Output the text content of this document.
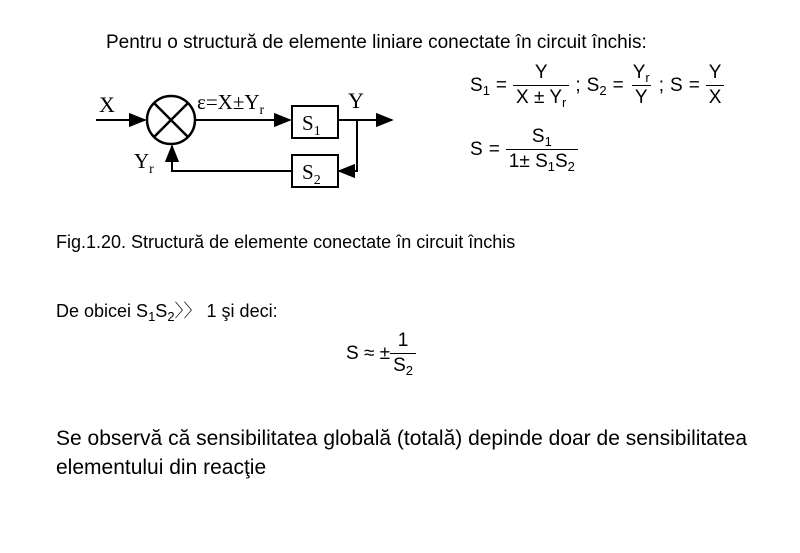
Pentru o structură de elemente liniare conectate în circuit închis:
X	$\varepsilon=X\pm Y_r$	Y
$Y_r$
$S_1$
$S_2$
$S_1 = \frac{Y}{X \pm Y_r}$ ; $S_2 = \frac{Y_r}{Y}$ ; $S = \frac{Y}{X}$
$S = \frac{S_1}{1\pm S_1S_2}$
Fig.1.20. Structură de elemente conectate în circuit închis
De obicei $S_1S_2$〉〉 1 şi deci:
S ≈ ± $\frac{1}{S_2}$
Se observă că sensibilitatea globală (totală) depinde doar de sensibilitatea elementului din reacţie
